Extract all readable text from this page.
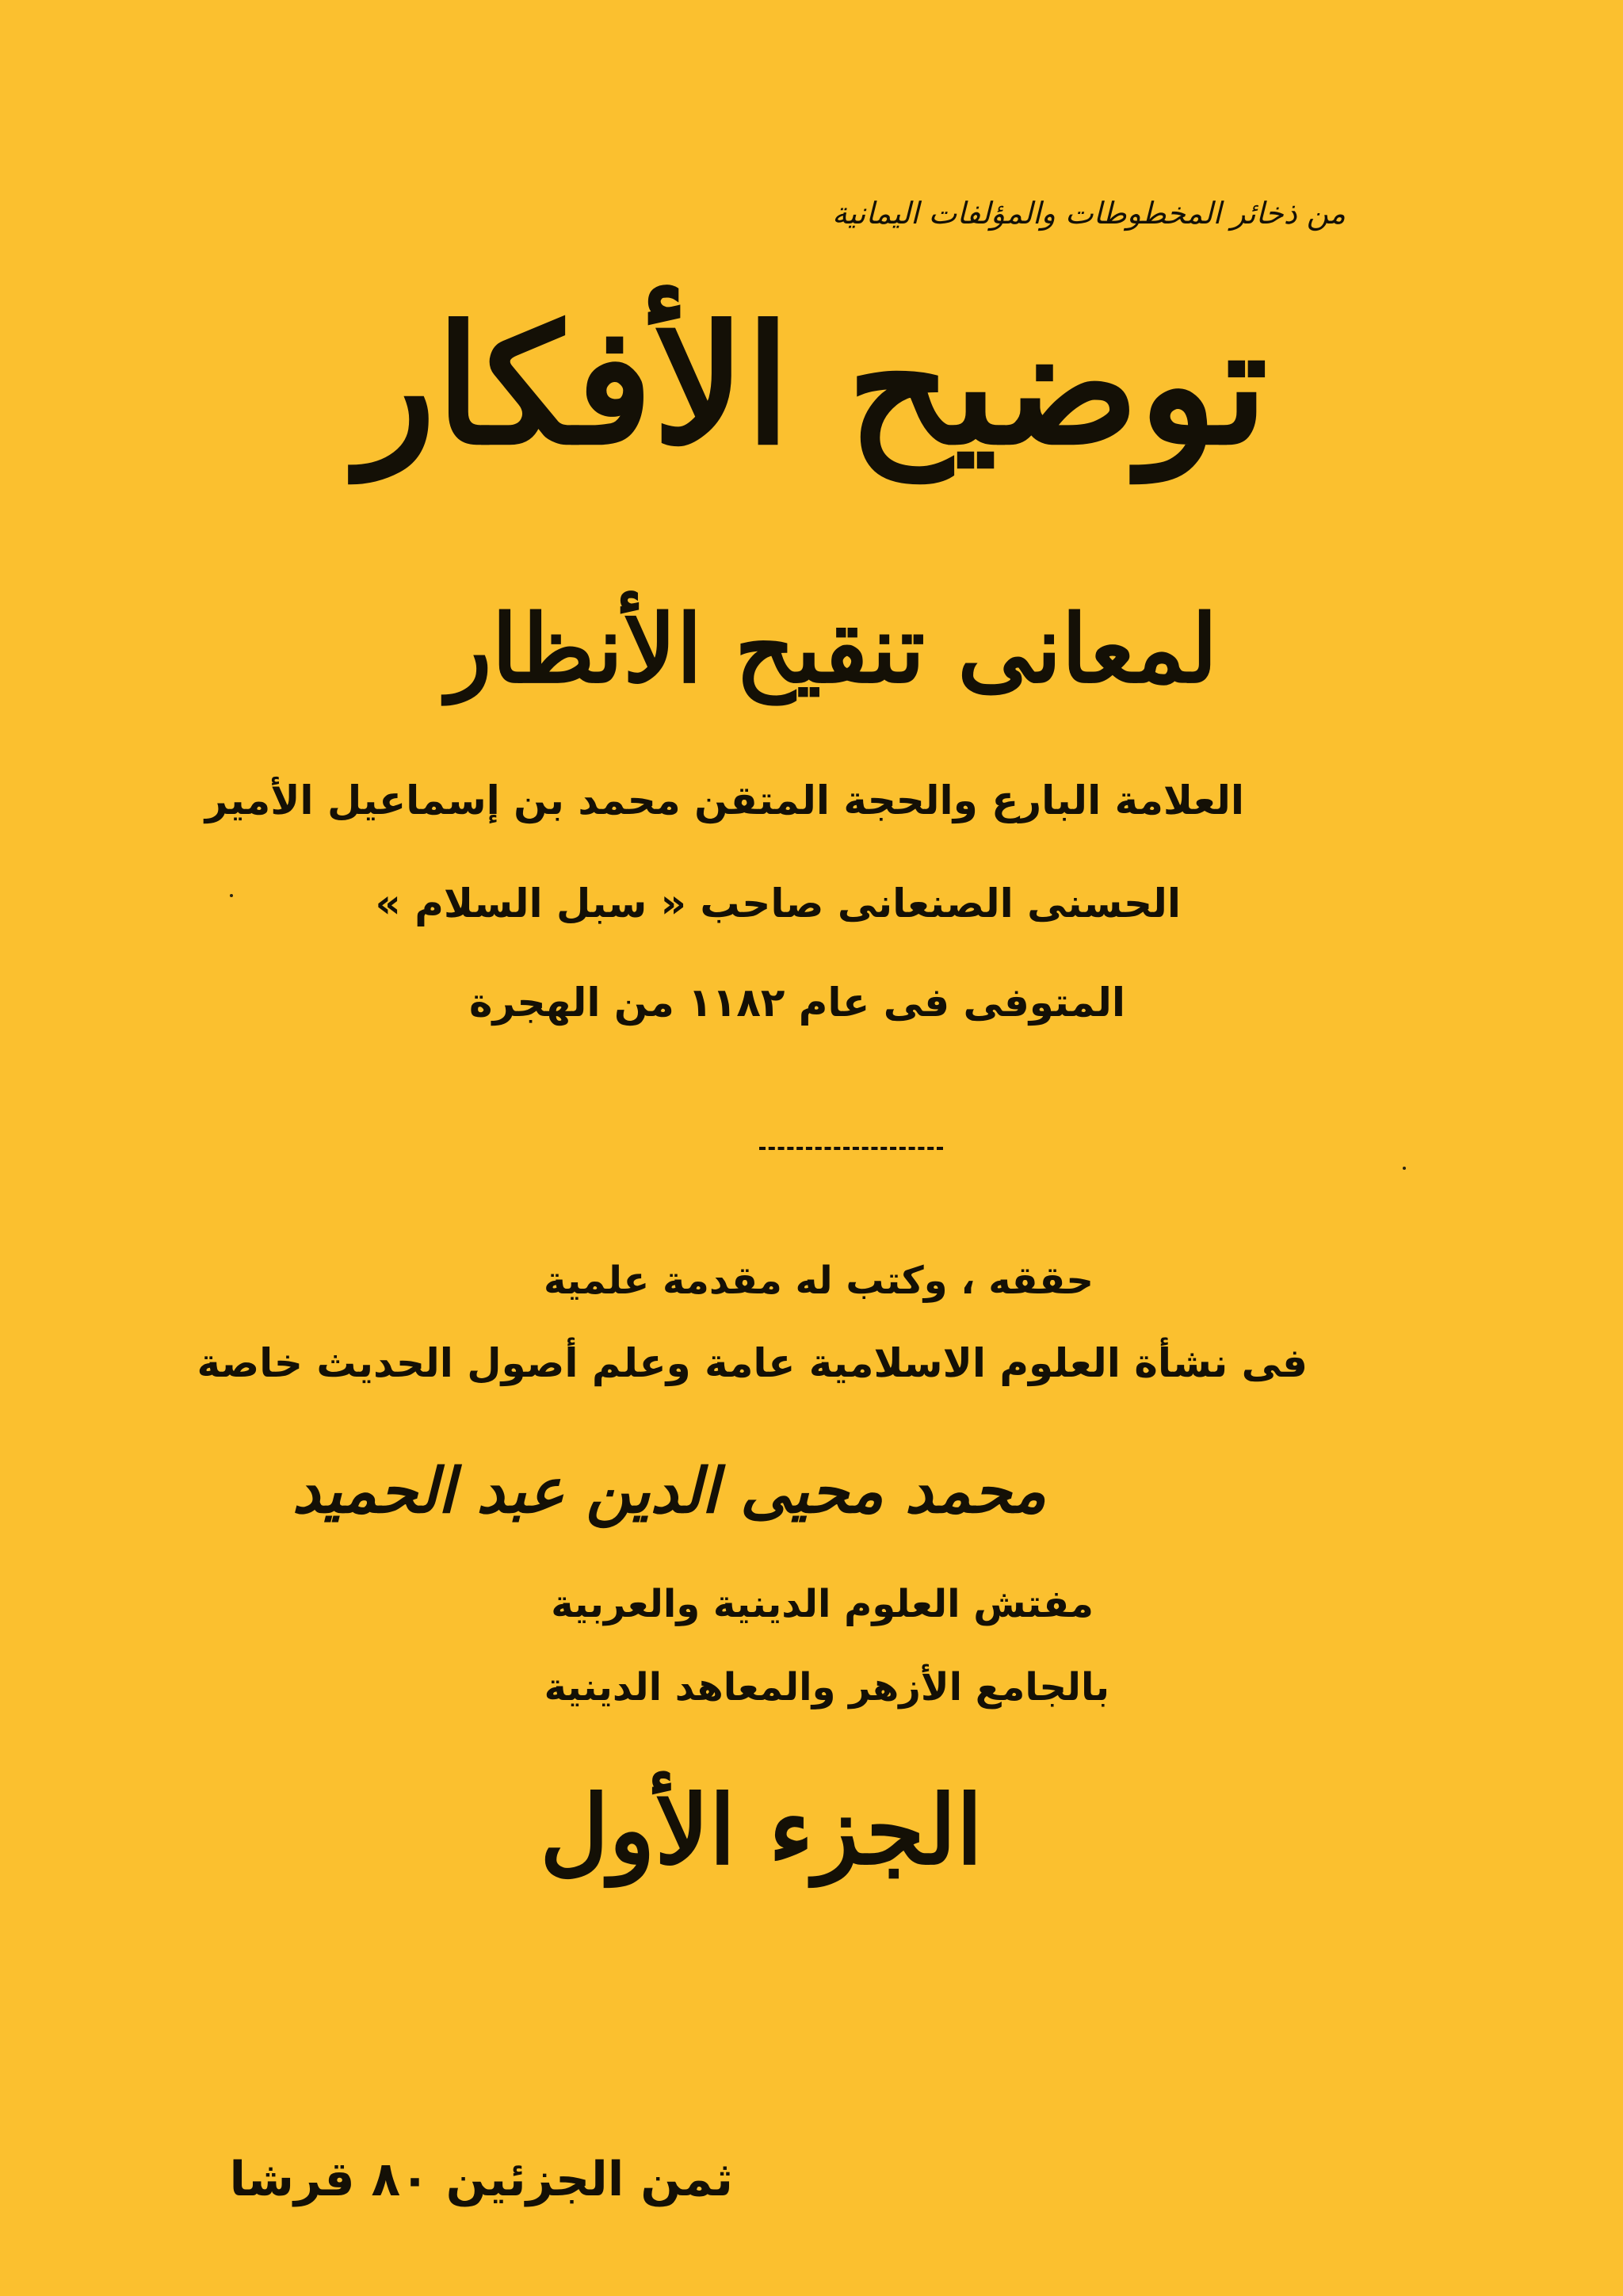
من ذخائر المخطوطات والمؤلفات اليمانية
توضيح الأفكار
لمعانى تنقيح الأنظار
العلامة البارع والحجة المتقن محمد بن إسماعيل الأمير
الحسنى الصنعانى صاحب « سبل السلام »
المتوفى فى عام ١١٨٢ من الهجرة
حققه ، وكتب له مقدمة علمية
فى نشأة العلوم الاسلامية عامة وعلم أصول الحديث خاصة
محمد محيى الدين عبد الحميد
مفتش العلوم الدينية والعربية
بالجامع الأزهر والمعاهد الدينية
الجزء الأول
ثمن الجزئين ٨٠ قرشا
